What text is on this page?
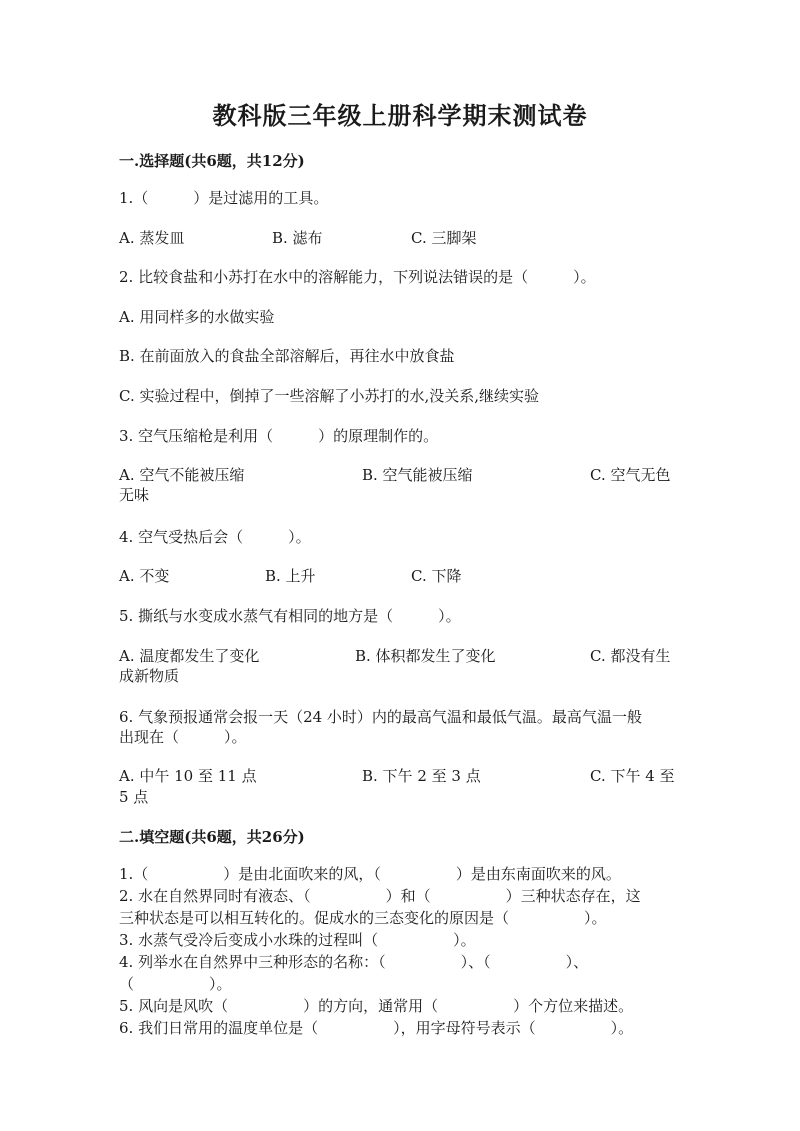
教科版三年级上册科学期末测试卷
一.选择题(共6题，共12分)
1.（　　　）是过滤用的工具。
A. 蒸发皿	B. 滤布	C. 三脚架
2. 比较食盐和小苏打在水中的溶解能力，下列说法错误的是（　　　）。
A. 用同样多的水做实验
B. 在前面放入的食盐全部溶解后，再往水中放食盐
C. 实验过程中，倒掉了一些溶解了小苏打的水,没关系,继续实验
3. 空气压缩枪是利用（　　　）的原理制作的。
A. 空气不能被压缩	B. 空气能被压缩	C. 空气无色
无味
4. 空气受热后会（　　　）。
A. 不变	B. 上升	C. 下降
5. 撕纸与水变成水蒸气有相同的地方是（　　　）。
A. 温度都发生了变化	B. 体积都发生了变化	C. 都没有生
成新物质
6. 气象预报通常会报一天（24 小时）内的最高气温和最低气温。最高气温一般
出现在（　　　）。
A. 中午 10 至 11 点	B. 下午 2 至 3 点	C. 下午 4 至
5 点
二.填空题(共6题，共26分)
1.（　　　　　）是由北面吹来的风，（　　　　　）是由东南面吹来的风。
2. 水在自然界同时有液态、（　　　　　）和（　　　　　）三种状态存在，这
三种状态是可以相互转化的。促成水的三态变化的原因是（　　　　　）。
3. 水蒸气受冷后变成小水珠的过程叫（　　　　　）。
4. 列举水在自然界中三种形态的名称：（　　　　　）、（　　　　　）、
（　　　　　）。
5. 风向是风吹（　　　　　）的方向，通常用（　　　　　）个方位来描述。
6. 我们日常用的温度单位是（　　　　　），用字母符号表示（　　　　　）。
